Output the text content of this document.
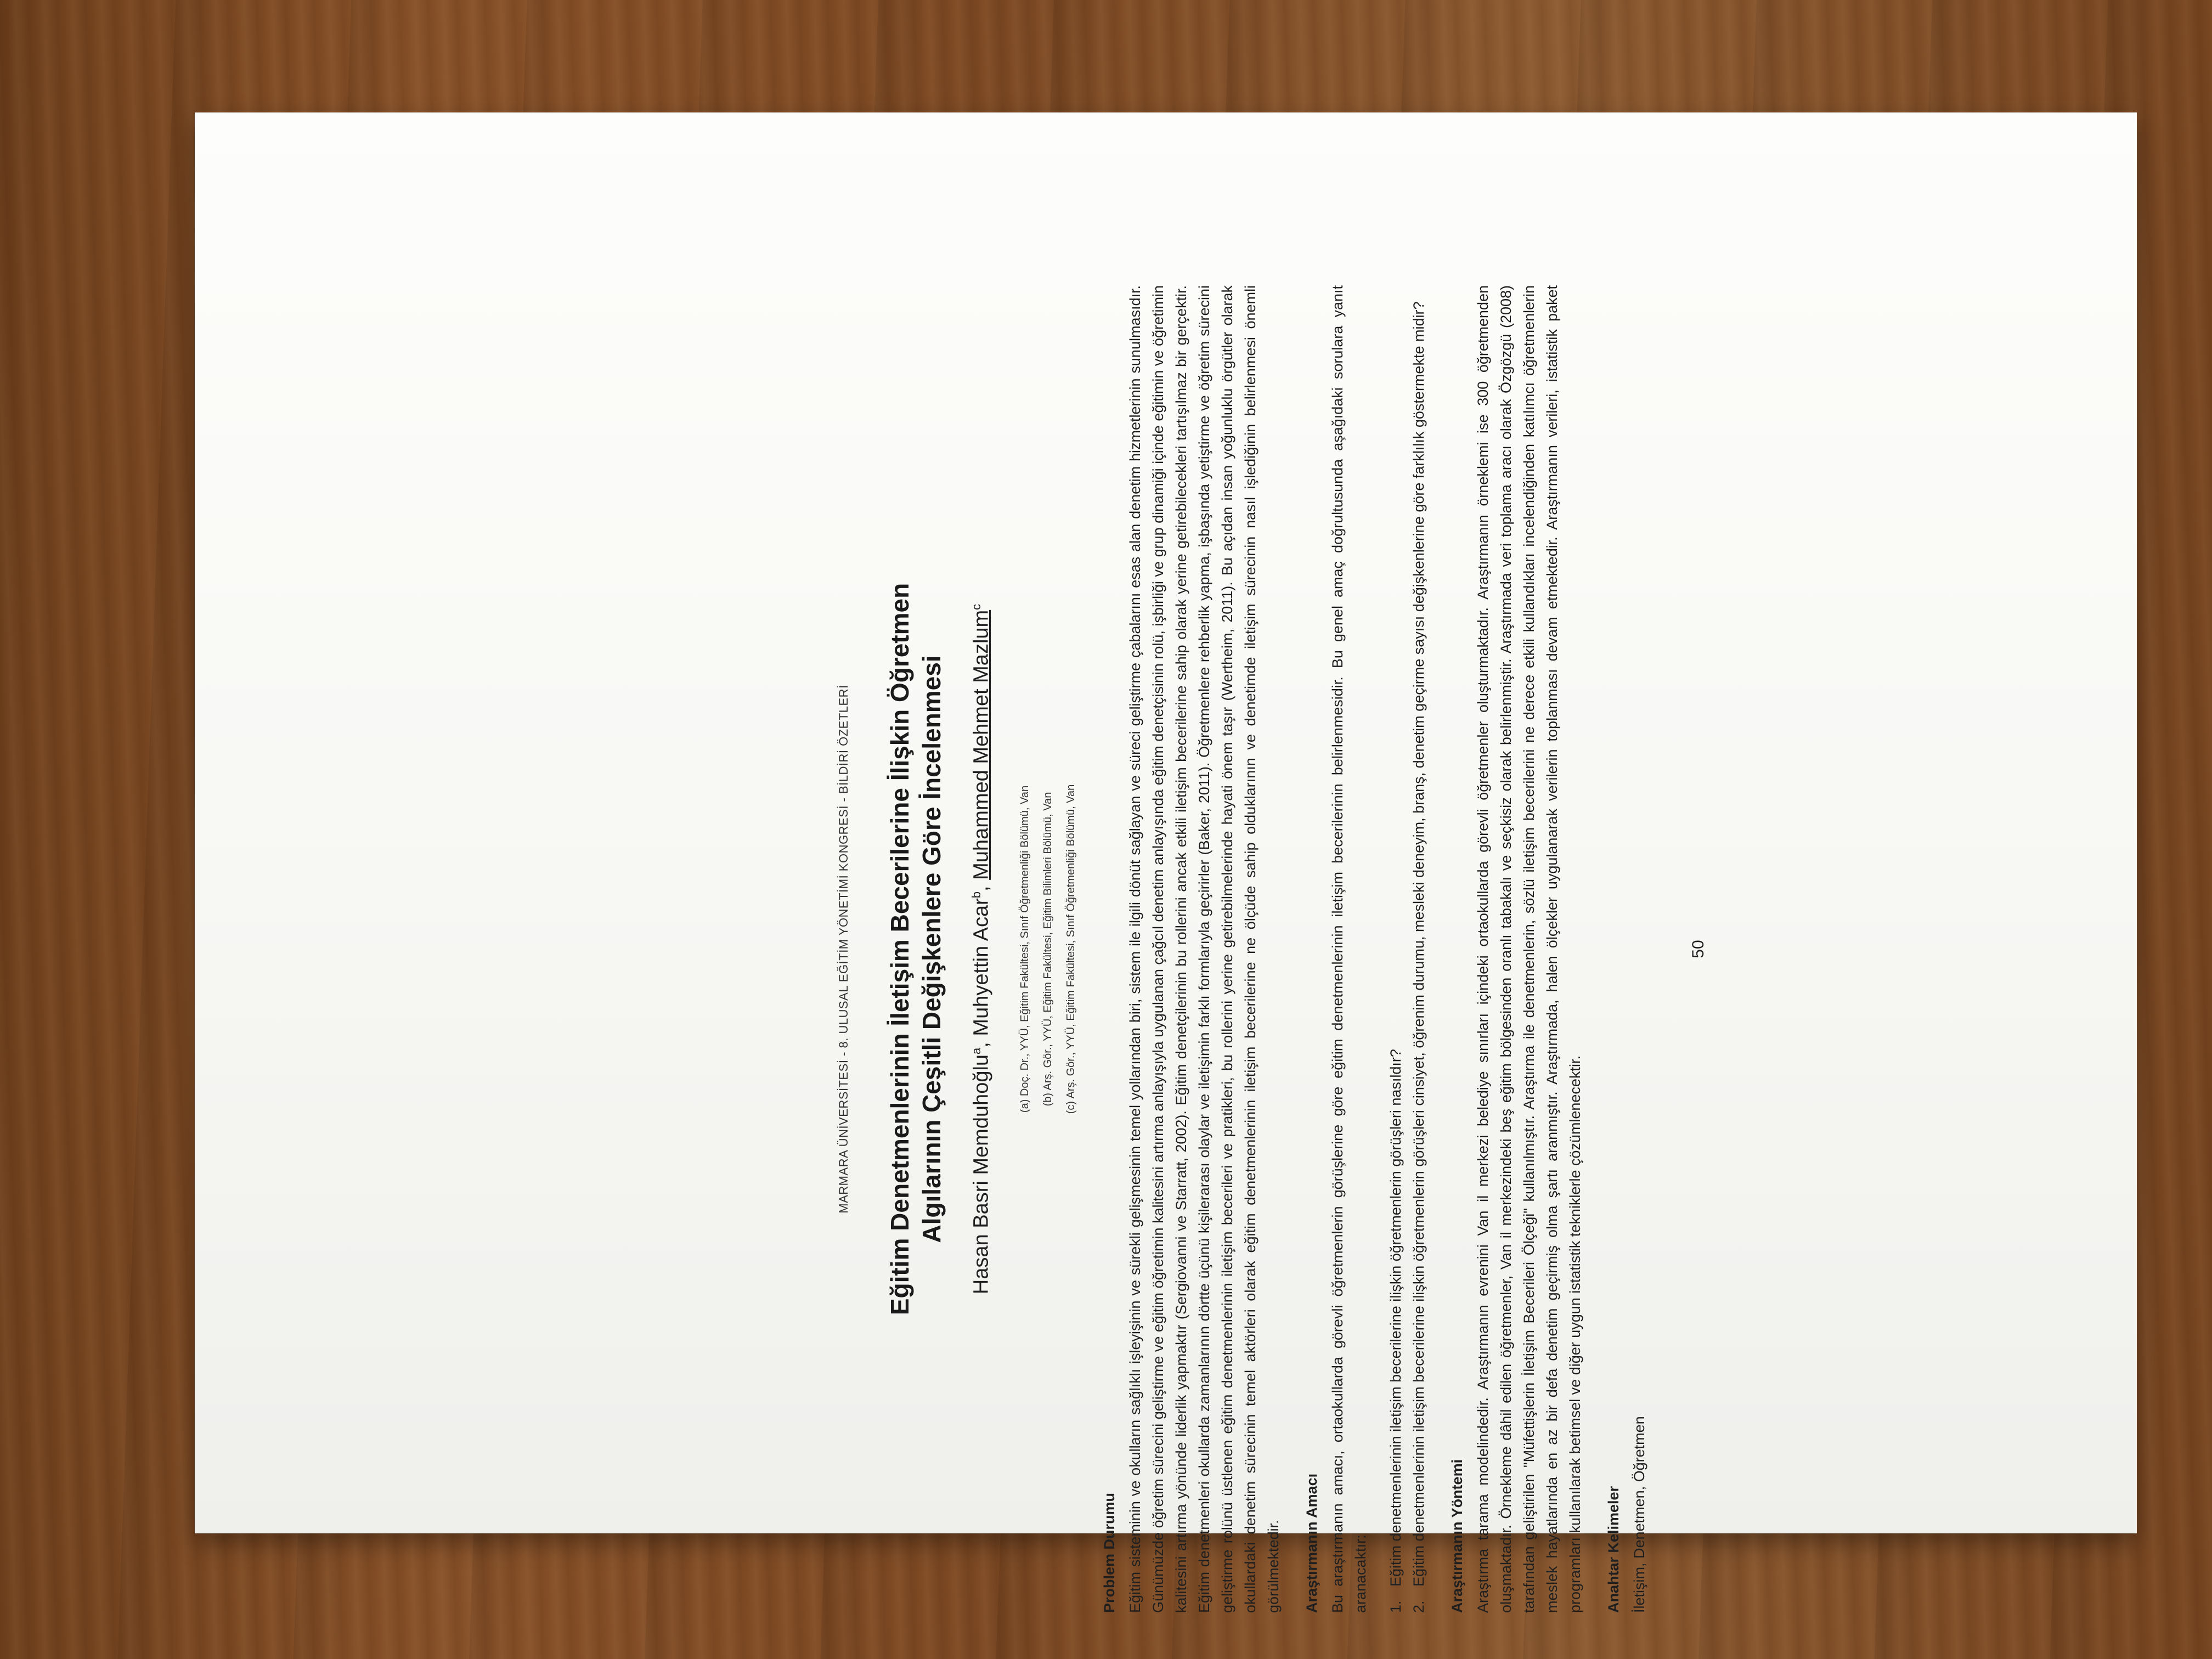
MARMARA ÜNİVERSİTESİ - 8. ULUSAL EĞİTİM YÖNETİMİ KONGRESİ - BİLDİRİ ÖZETLERİ Eğitim Denetmenlerinin İletişim Becerilerine İlişkin Öğretmen Algılarının Çeşitli Değişkenlere Göre İncelenmesi Hasan Basri Memduhoğlu$^a$, Muhyettin Acar$^b$, Muhammed Mehmet Mazlum$^c$
(a) Doç. Dr., YYÜ, Eğitim Fakültesi, Sınıf Öğretmenliği Bölümü, Van	(b) Arş. Gör., YYÜ, Eğitim Fakültesi, Eğitim Bilimleri Bölümü, Van	(c) Arş. Gör., YYÜ, Eğitim Fakültesi, Sınıf Öğretmenliği Bölümü, Van
Problem Durumu Eğitim sisteminin ve okulların sağlıklı işleyişinin ve sürekli gelişmesinin temel yollarından biri, sistem ile ilgili dönüt sağlayan ve süreci geliştirme çabalarını esas alan denetim hizmetlerinin sunulmasıdır. Günümüzde öğretim sürecini geliştirme ve eğitim öğretimin kalitesini artırma anlayışıyla uygulanan çağcıl denetim anlayışında eğitim denetçisinin rolü, işbirliği ve grup dinamiği içinde eğitimin ve öğretimin kalitesini artırma yönünde liderlik yapmaktır (Sergiovanni ve Starratt, 2002). Eğitim denetçilerinin bu rollerini ancak etkili iletişim becerilerine sahip olarak yerine getirebilecekleri tartışılmaz bir gerçektir. Eğitim denetmenleri okullarda zamanlarının dörtte üçünü kişilerarası olaylar ve iletişimin farklı formlarıyla geçirirler (Baker, 2011). Öğretmenlere rehberlik yapma, işbaşında yetiştirme ve öğretim sürecini geliştirme rolünü üstlenen eğitim denetmenlerinin iletişim becerileri ve pratikleri, bu rollerini yerine getirebilmelerinde hayati önem taşır (Wertheim, 2011). Bu açıdan insan yoğunluklu örgütler olarak okullardaki denetim sürecinin temel aktörleri olarak eğitim denetmenlerinin iletişim becerilerine ne ölçüde sahip olduklarının ve denetimde iletişim sürecinin nasıl işlediğinin belirlenmesi önemli görülmektedir. Araştırmanın Amacı Bu araştırmanın amacı, ortaokullarda görevli öğretmenlerin görüşlerine göre eğitim denetmenlerinin iletişim becerilerinin belirlenmesidir. Bu genel amaç doğrultusunda aşağıdaki sorulara yanıt aranacaktır: 1.
Eğitim denetmenlerinin iletişim becerilerine ilişkin öğretmenlerin görüşleri nasıldır?
2.
Eğitim denetmenlerinin iletişim becerilerine ilişkin öğretmenlerin görüşleri cinsiyet, öğrenim durumu, mesleki deneyim, branş, denetim geçirme sayısı değişkenlerine göre farklılık göstermekte midir? Araştırmanın Yöntemi Araştırma tarama modelindedir. Araştırmanın evrenini Van il merkezi belediye sınırları içindeki ortaokullarda görevli öğretmenler oluşturmaktadır. Araştırmanın örneklemi ise 300 öğretmenden oluşmaktadır. Örnekleme dâhil edilen öğretmenler, Van il merkezindeki beş eğitim bölgesinden oranlı tabakalı ve seçkisiz olarak belirlenmiştir. Araştırmada veri toplama aracı olarak Özgözgü (2008) tarafından geliştirilen "Müfettişlerin İletişim Becerileri Ölçeği" kullanılmıştır. Araştırma ile denetmenlerin, sözlü iletişim becerilerini ne derece etkili kullandıkları incelendiğinden katılımcı öğretmenlerin meslek hayatlarında en az bir defa denetim geçirmiş olma şartı aranmıştır. Araştırmada, halen ölçekler uygulanarak verilerin toplanması devam etmektedir. Araştırmanın verileri, istatistik paket programları kullanılarak betimsel ve diğer uygun istatistik tekniklerle çözümlenecektir. Anahtar Kelimeler İletişim, Denetmen, Öğretmen
50
